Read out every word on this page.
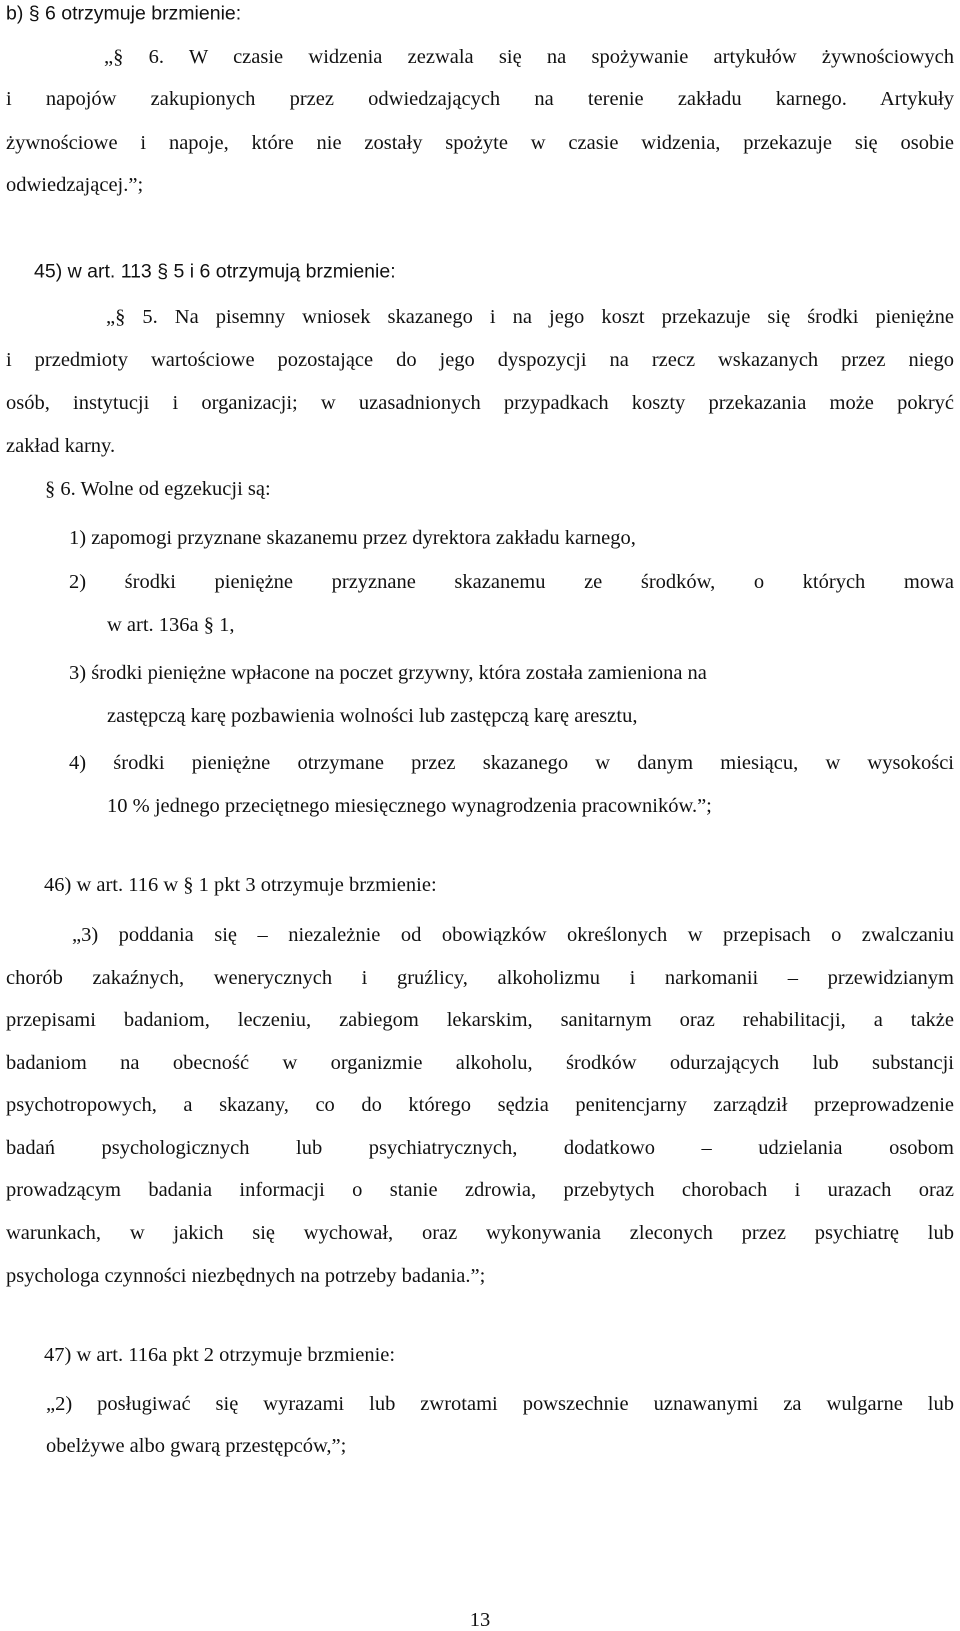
b) § 6 otrzymuje brzmienie:
„§ 6. W czasie widzenia zezwala się na spożywanie artykułów żywnościowych
i napojów zakupionych przez odwiedzających na terenie zakładu karnego. Artykuły
żywnościowe i napoje, które nie zostały spożyte w czasie widzenia, przekazuje się osobie
odwiedzającej.”;
45) w art. 113 § 5 i 6 otrzymują brzmienie:
„§ 5. Na pisemny wniosek skazanego i na jego koszt przekazuje się środki pieniężne
i przedmioty wartościowe pozostające do jego dyspozycji na rzecz wskazanych przez niego
osób, instytucji i organizacji; w uzasadnionych przypadkach koszty przekazania może pokryć
zakład karny.
§ 6. Wolne od egzekucji są:
1) zapomogi przyznane skazanemu przez dyrektora zakładu karnego,
2) środki pieniężne przyznane skazanemu ze środków, o których mowa
w art. 136a § 1,
3) środki pieniężne wpłacone na poczet grzywny, która została zamieniona na
zastępczą karę pozbawienia wolności lub zastępczą karę aresztu,
4) środki pieniężne otrzymane przez skazanego w danym miesiącu, w wysokości
10 % jednego przeciętnego miesięcznego wynagrodzenia pracowników.”;
46) w art. 116 w § 1 pkt 3 otrzymuje brzmienie:
„3) poddania się – niezależnie od obowiązków określonych w przepisach o zwalczaniu
chorób zakaźnych, wenerycznych i gruźlicy, alkoholizmu i narkomanii – przewidzianym
przepisami badaniom, leczeniu, zabiegom lekarskim, sanitarnym oraz rehabilitacji, a także
badaniom na obecność w organizmie alkoholu, środków odurzających lub substancji
psychotropowych, a skazany, co do którego sędzia penitencjarny zarządził przeprowadzenie
badań psychologicznych lub psychiatrycznych, dodatkowo – udzielania osobom
prowadzącym badania informacji o stanie zdrowia, przebytych chorobach i urazach oraz
warunkach, w jakich się wychował, oraz wykonywania zleconych przez psychiatrę lub
psychologa czynności niezbędnych na potrzeby badania.”;
47) w art. 116a pkt 2 otrzymuje brzmienie:
„2) posługiwać się wyrazami lub zwrotami powszechnie uznawanymi za wulgarne lub
obelżywe albo gwarą przestępców,”;
13
